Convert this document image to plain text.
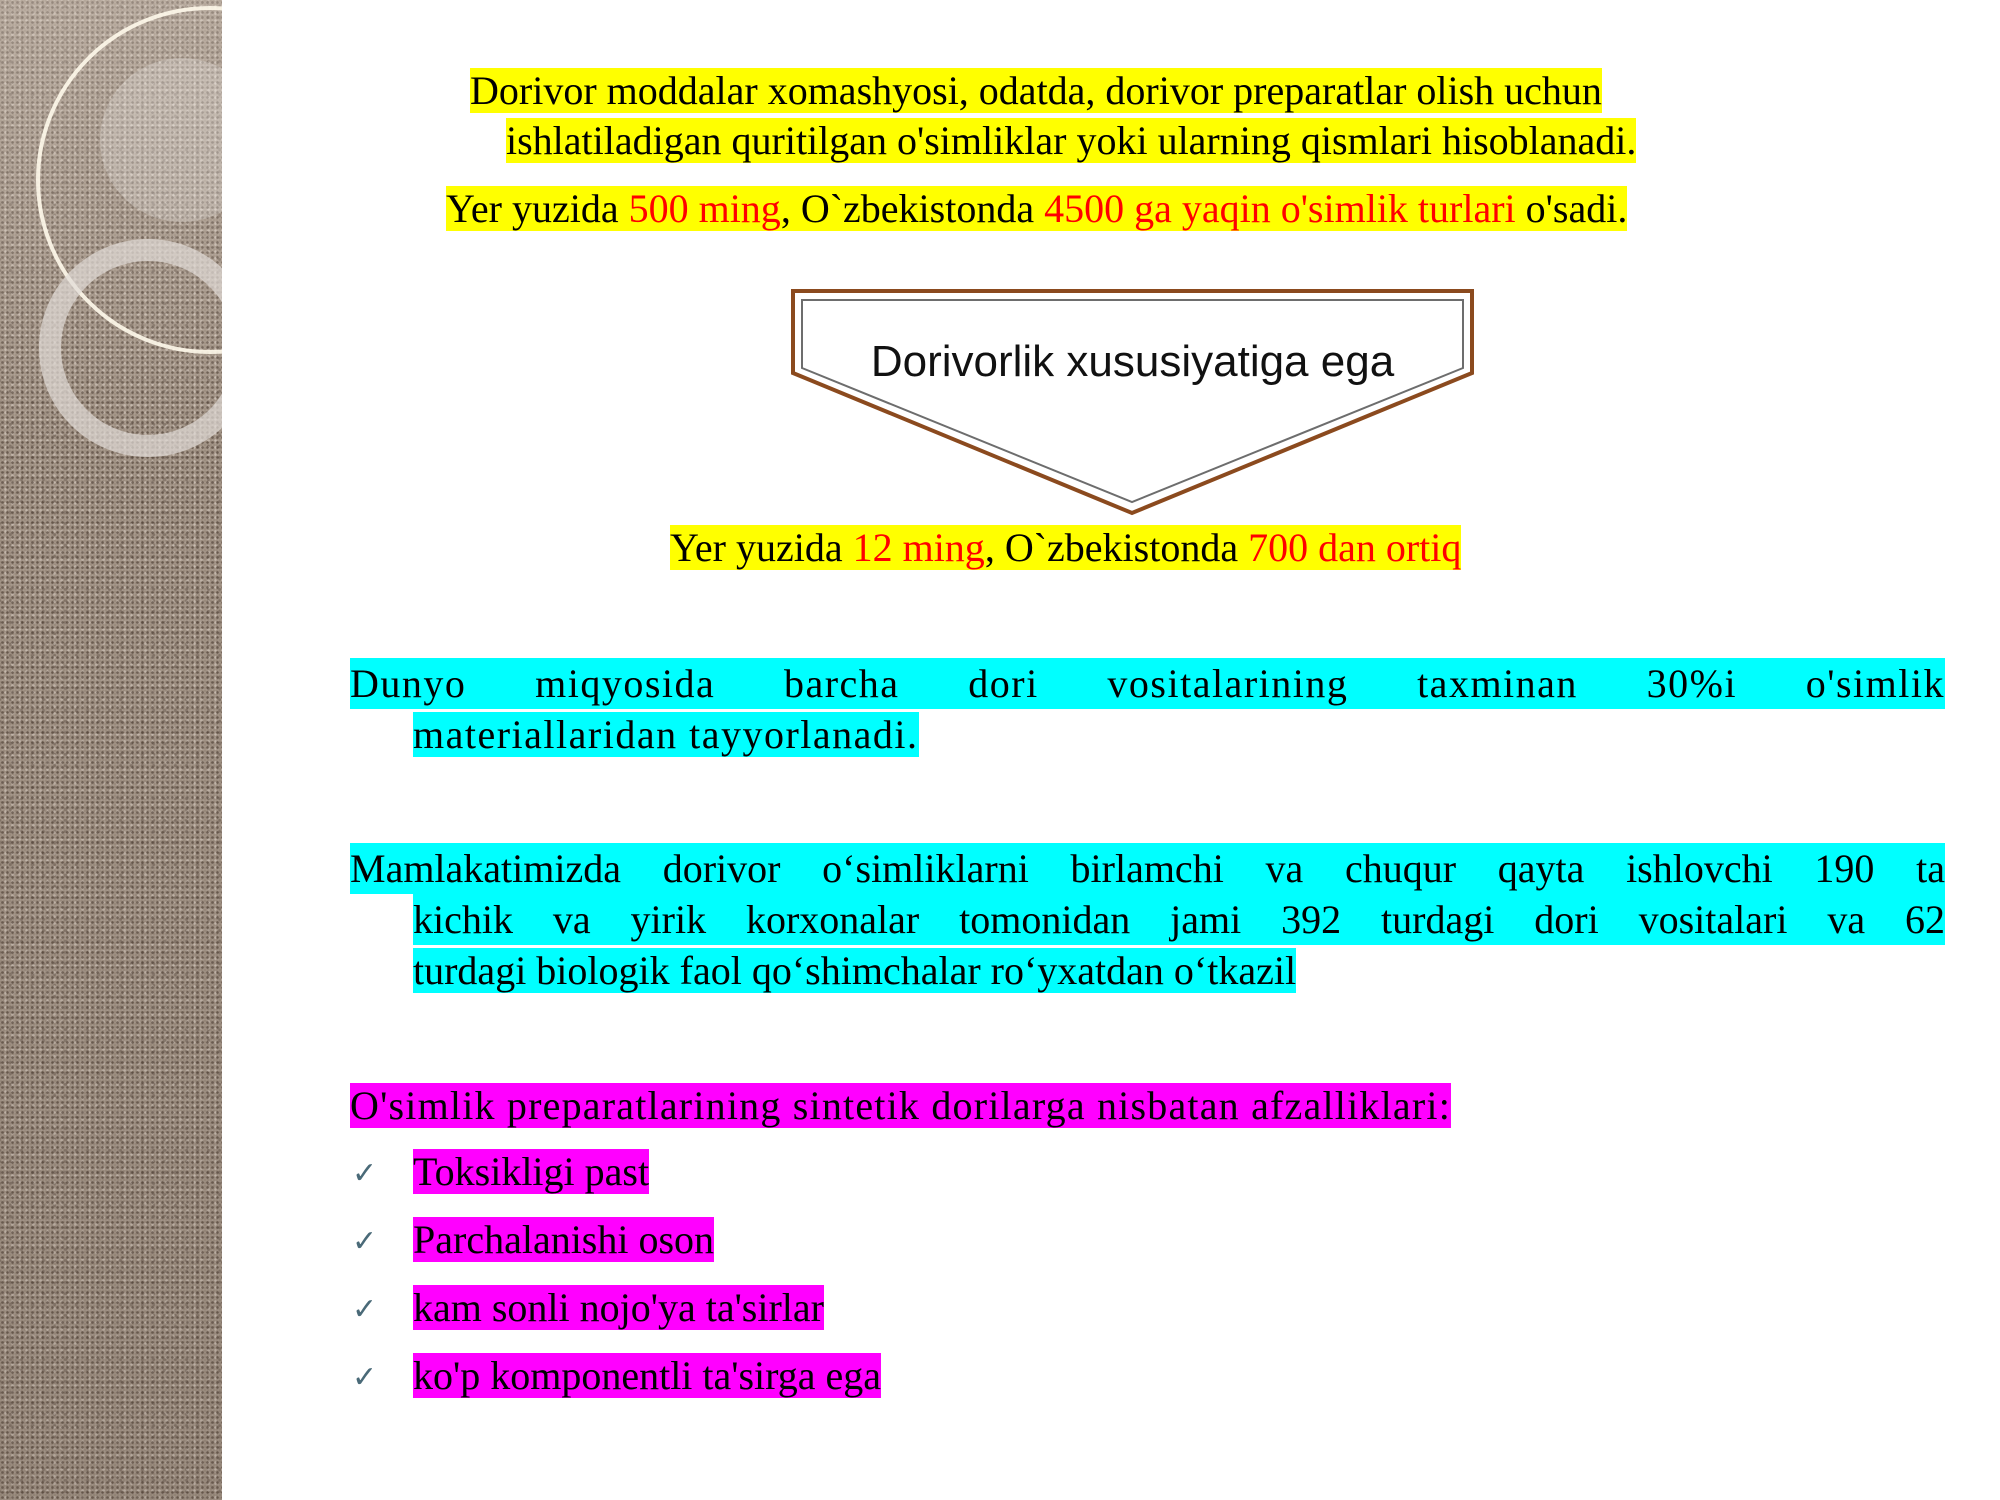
Dorivor moddalar xomashyosi, odatda, dorivor preparatlar olish uchun
ishlatiladigan quritilgan o'simliklar yoki ularning qismlari hisoblanadi.
Yer yuzida 500 ming, O`zbekistonda 4500 ga yaqin o'simlik turlari o'sadi.
Dorivorlik xususiyatiga ega
Yer yuzida 12 ming, O`zbekistonda 700 dan ortiq
Dunyo miqyosida barcha dori vositalarining taxminan 30%i o'simlik
materiallaridan tayyorlanadi.
Mamlakatimizda dorivor o‘simliklarni birlamchi va chuqur qayta ishlovchi 190 ta
kichik va yirik korxonalar tomonidan jami 392 turdagi dori vositalari va 62
turdagi biologik faol qo‘shimchalar ro‘yxatdan o‘tkazil
O'simlik preparatlarining sintetik dorilarga nisbatan afzalliklari:
✓ Toksikligi past
✓ Parchalanishi oson
✓ kam sonli nojo'ya ta'sirlar
✓ ko'p komponentli ta'sirga ega
